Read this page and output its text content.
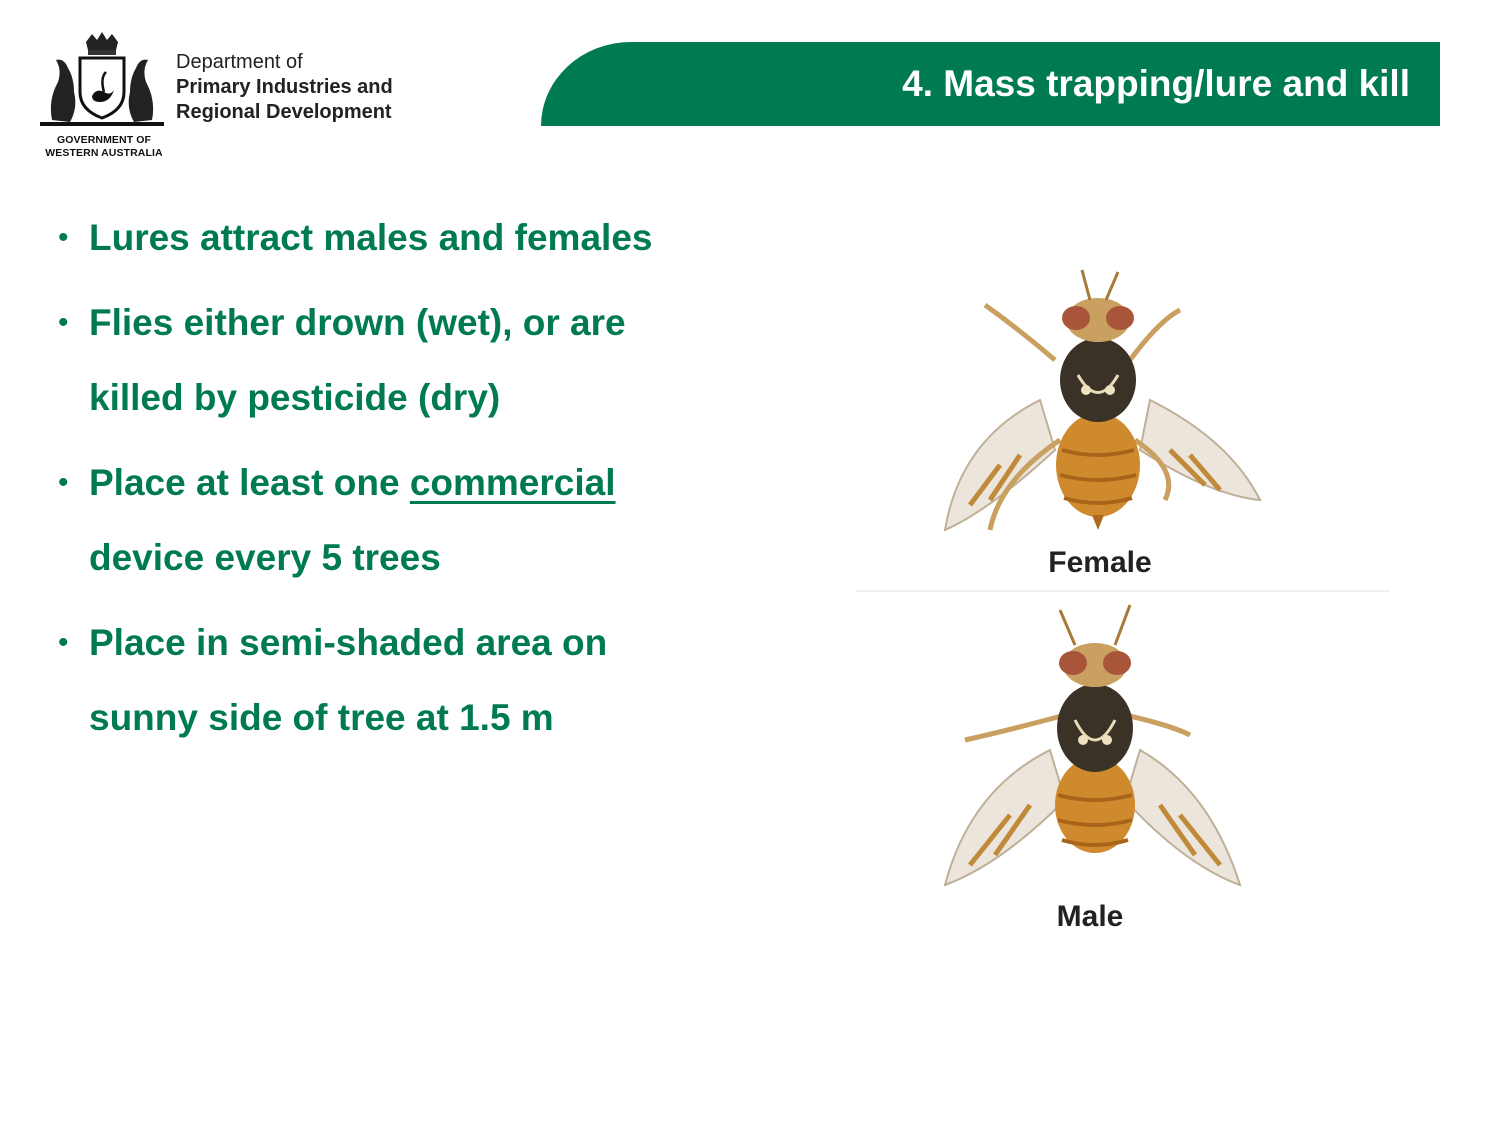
GOVERNMENT OF
WESTERN AUSTRALIA
Department of
Primary Industries and
Regional Development
4. Mass trapping/lure and kill
• Lures attract males and females
• Flies either drown (wet), or are
killed by pesticide (dry)
• Place at least one commercial
device every 5 trees
• Place in semi-shaded area on
sunny side of tree at 1.5 m
Female
Male
